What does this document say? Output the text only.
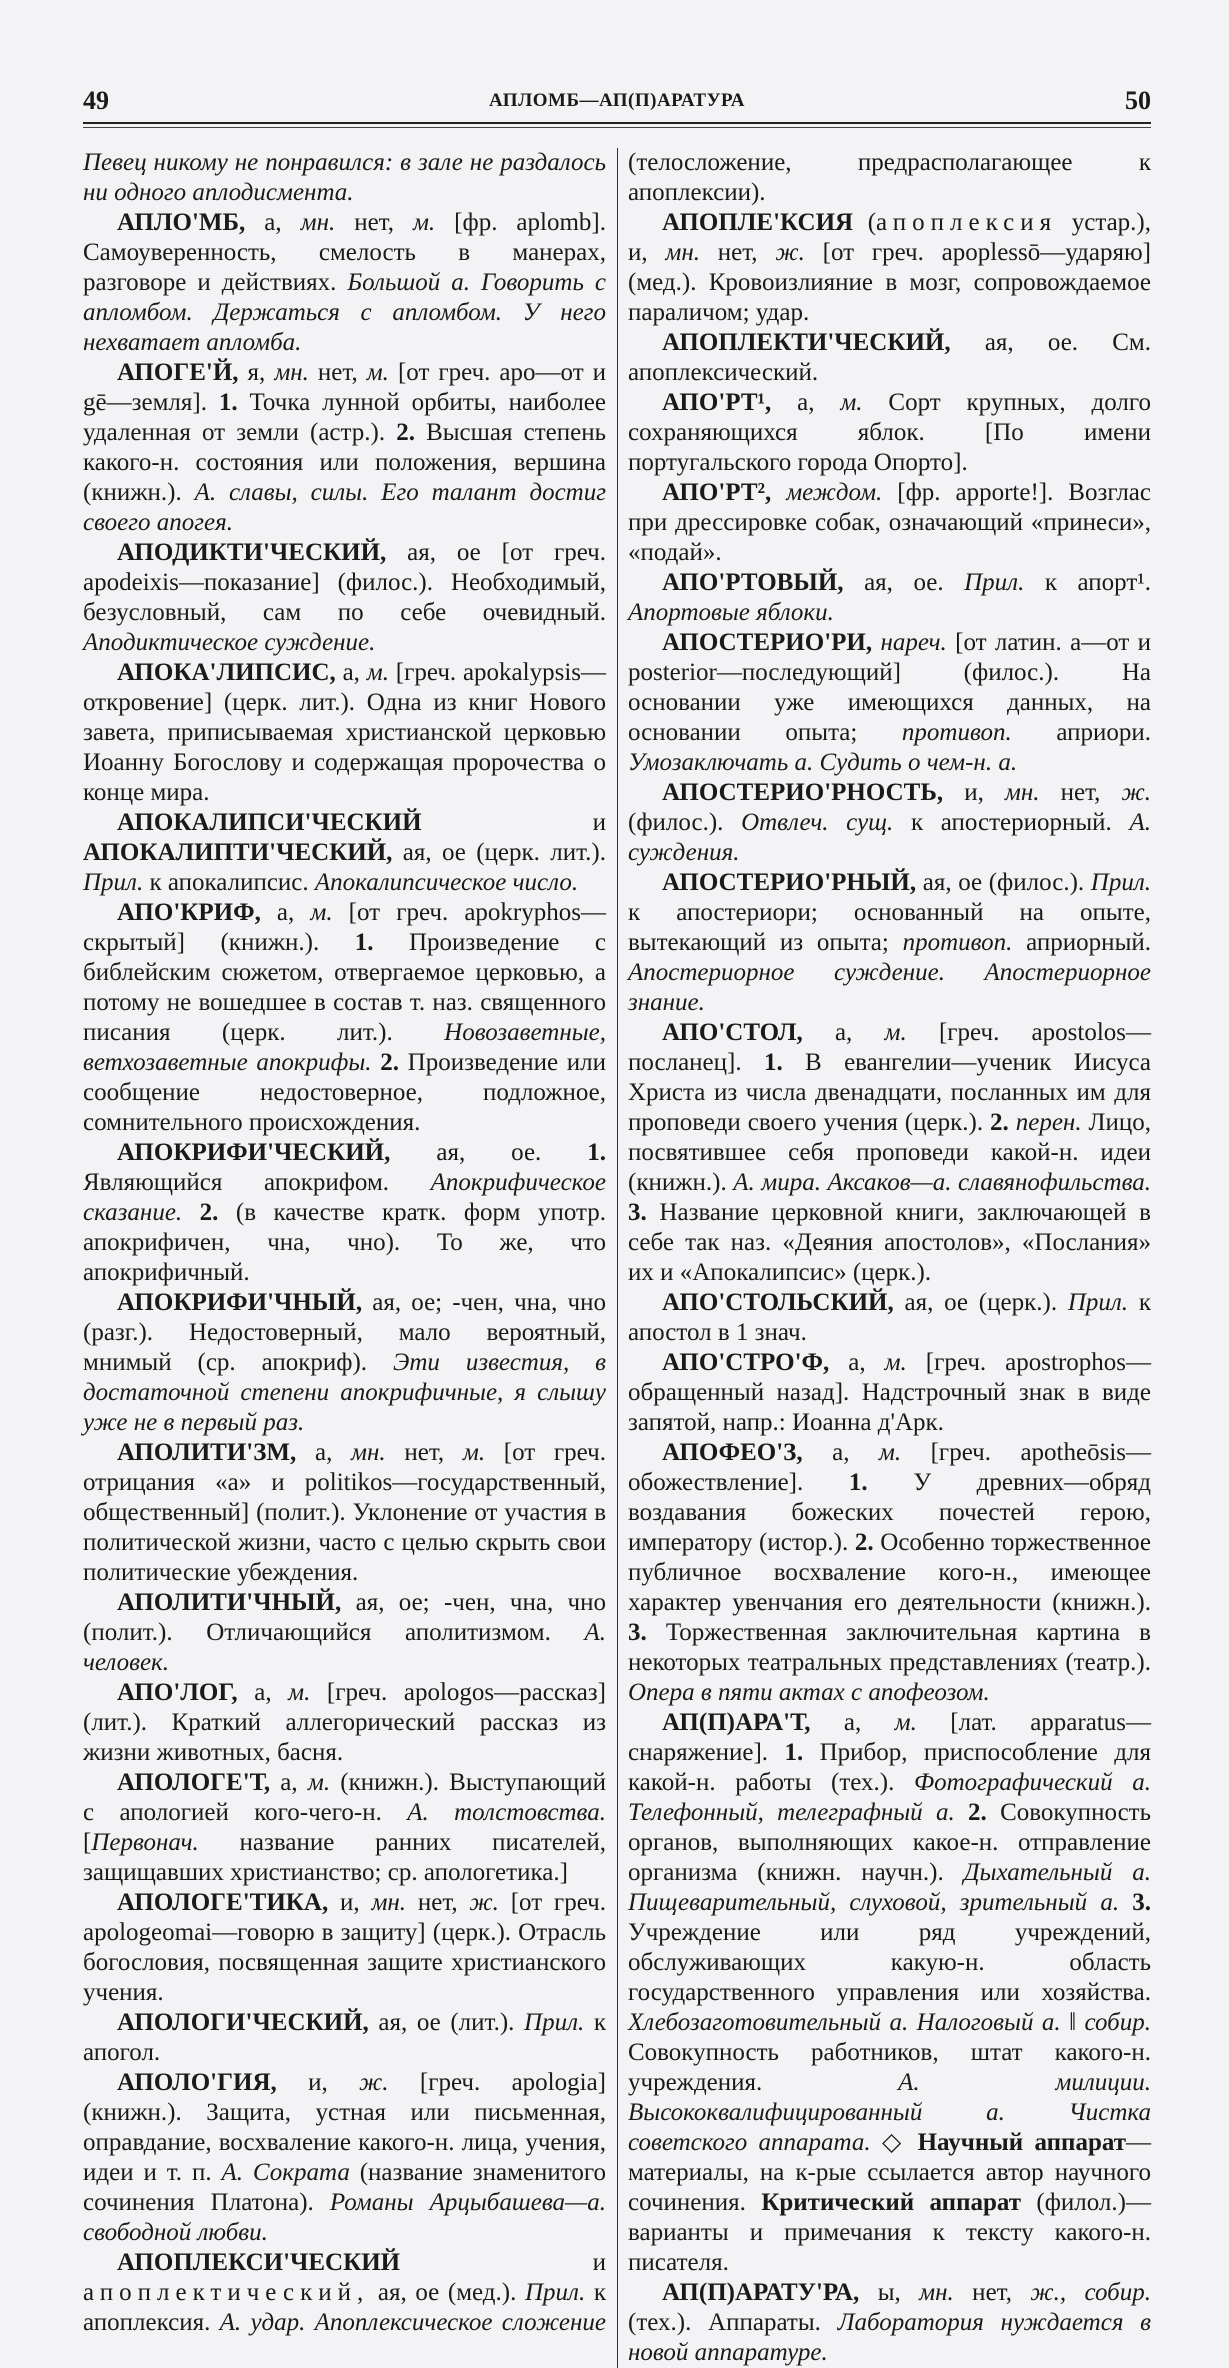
49	АПЛОМБ—АП(П)АРАТУРА	50

Певец никому не понравился: в зале не раздалось ни одного аплодисмента.

АПЛО'МБ, а, мн. нет, м. [фр. aplomb]. Самоуверенность, смелость в манерах, разговоре и действиях. Большой а. Говорить с апломбом. Держаться с апломбом. У него нехватает апломба.

АПОГЕ'Й, я, мн. нет, м. [от греч. apo—от и gē—земля]. 1. Точка лунной орбиты, наиболее удаленная от земли (астр.). 2. Высшая степень какого-н. состояния или положения, вершина (книжн.). А. славы, силы. Его талант достиг своего апогея.

АПОДИКТИ'ЧЕСКИЙ, ая, ое [от греч. apodeixis—показание] (филос.). Необходимый, безусловный, сам по себе очевидный. Аподиктическое суждение.

АПОКА'ЛИПСИС, а, м. [греч. apokalypsis—откровение] (церк. лит.). Одна из книг Нового завета, приписываемая христианской церковью Иоанну Богослову и содержащая пророчества о конце мира.

АПОКАЛИПСИ'ЧЕСКИЙ и АПОКАЛИПТИ'ЧЕСКИЙ, ая, ое (церк. лит.). Прил. к апокалипсис. Апокалипсическое число.

АПО'КРИФ, а, м. [от греч. apokryphos—скрытый] (книжн.). 1. Произведение с библейским сюжетом, отвергаемое церковью, а потому не вошедшее в состав т. наз. священного писания (церк. лит.). Новозаветные, ветхозаветные апокрифы. 2. Произведение или сообщение недостоверное, подложное, сомнительного происхождения.

АПОКРИФИ'ЧЕСКИЙ, ая, ое. 1. Являющийся апокрифом. Апокрифическое сказание. 2. (в качестве кратк. форм употр. апокрифичен, чна, чно). То же, что апокрифичный.

АПОКРИФИ'ЧНЫЙ, ая, ое; -чен, чна, чно (разг.). Недостоверный, мало вероятный, мнимый (ср. апокриф). Эти известия, в достаточной степени апокрифичные, я слышу уже не в первый раз.

АПОЛИТИ'ЗМ, а, мн. нет, м. [от греч. отрицания «а» и politikos—государственный, общественный] (полит.). Уклонение от участия в политической жизни, часто с целью скрыть свои политические убеждения.

АПОЛИТИ'ЧНЫЙ, ая, ое; -чен, чна, чно (полит.). Отличающийся аполитизмом. А. человек.

АПО'ЛОГ, а, м. [греч. apologos—рассказ] (лит.). Краткий аллегорический рассказ из жизни животных, басня.

АПОЛОГЕ'Т, а, м. (книжн.). Выступающий с апологией кого-чего-н. А. толстовства. [Первонач. название ранних писателей, защищавших христианство; ср. апологетика.]

АПОЛОГЕ'ТИКА, и, мн. нет, ж. [от греч. apologeomai—говорю в защиту] (церк.). Отрасль богословия, посвященная защите христианского учения.

АПОЛОГИ'ЧЕСКИЙ, ая, ое (лит.). Прил. к апогол.

АПОЛО'ГИЯ, и, ж. [греч. apologia] (книжн.). Защита, устная или письменная, оправдание, восхваление какого-н. лица, учения, идеи и т. п. А. Сократа (название знаменитого сочинения Платона). Романы Арцыбашева—а. свободной любви.

АПОПЛЕКСИ'ЧЕСКИЙ и апоплектический, ая, ое (мед.). Прил. к апоплексия. А. удар. Апоплексическое сложение (телосложение, предрасполагающее к апоплексии).

АПОПЛЕ'КСИЯ (апоплексия устар.), и, мн. нет, ж. [от греч. apoplessō—ударяю] (мед.). Кровоизлияние в мозг, сопровождаемое параличом; удар.

АПОПЛЕКТИ'ЧЕСКИЙ, ая, ое. См. апоплексический.

АПО'РТ¹, а, м. Сорт крупных, долго сохраняющихся яблок. [По имени португальского города Опорто].

АПО'РТ², междом. [фр. apporte!]. Возглас при дрессировке собак, означающий «принеси», «подай».

АПО'РТОВЫЙ, ая, ое. Прил. к апорт¹. Апортовые яблоки.

АПОСТЕРИО'РИ, нареч. [от латин. a—от и posterior—последующий] (филос.). На основании уже имеющихся данных, на основании опыта; противоп. априори. Умозаключать а. Судить о чем-н. а.

АПОСТЕРИО'РНОСТЬ, и, мн. нет, ж. (филос.). Отвлеч. сущ. к апостериорный. А. суждения.

АПОСТЕРИО'РНЫЙ, ая, ое (филос.). Прил. к апостериори; основанный на опыте, вытекающий из опыта; противоп. априорный. Апостериорное суждение. Апостериорное знание.

АПО'СТОЛ, а, м. [греч. apostolos—посланец]. 1. В евангелии—ученик Иисуса Христа из числа двенадцати, посланных им для проповеди своего учения (церк.). 2. перен. Лицо, посвятившее себя проповеди какой-н. идеи (книжн.). А. мира. Аксаков—а. славянофильства. 3. Название церковной книги, заключающей в себе так наз. «Деяния апостолов», «Послания» их и «Апокалипсис» (церк.).

АПО'СТОЛЬСКИЙ, ая, ое (церк.). Прил. к апостол в 1 знач.

АПО'СТРО'Ф, а, м. [греч. apostrophos—обращенный назад]. Надстрочный знак в виде запятой, напр.: Иоанна д'Арк.

АПОФЕО'З, а, м. [греч. apotheōsis—обожествление]. 1. У древних—обряд воздавания божеских почестей герою, императору (истор.). 2. Особенно торжественное публичное восхваление кого-н., имеющее характер увенчания его деятельности (книжн.). 3. Торжественная заключительная картина в некоторых театральных представлениях (театр.). Опера в пяти актах с апофеозом.

АП(П)АРА'Т, а, м. [лат. apparatus—снаряжение]. 1. Прибор, приспособление для какой-н. работы (тех.). Фотографический а. Телефонный, телеграфный а. 2. Совокупность органов, выполняющих какое-н. отправление организма (книжн. научн.). Дыхательный а. Пищеварительный, слуховой, зрительный а. 3. Учреждение или ряд учреждений, обслуживающих какую-н. область государственного управления или хозяйства. Хлебозаготовительный а. Налоговый а. ‖ собир. Совокупность работников, штат какого-н. учреждения. А. милиции. Высококвалифицированный а. Чистка советского аппарата. ◇ Научный аппарат—материалы, на к-рые ссылается автор научного сочинения. Критический аппарат (филол.)—варианты и примечания к тексту какого-н. писателя.

АП(П)АРАТУ'РА, ы, мн. нет, ж., собир. (тех.). Аппараты. Лаборатория нуждается в новой аппаратуре.
